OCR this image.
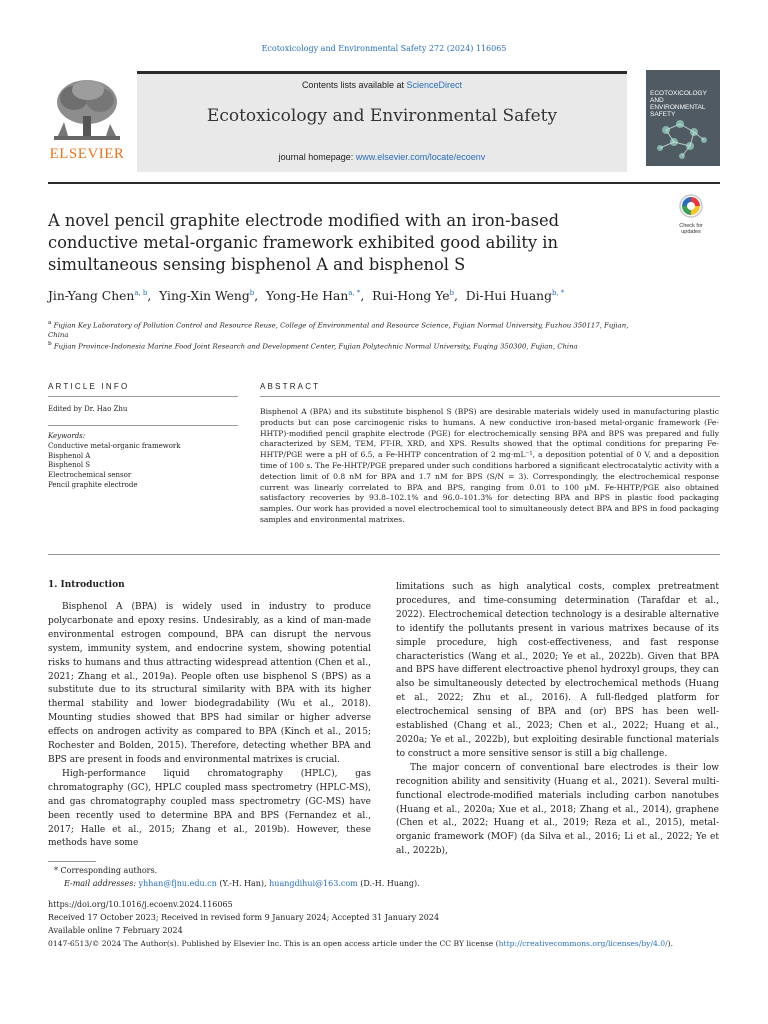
Ecotoxicology and Environmental Safety 272 (2024) 116065
ELSEVIER
Contents lists available at ScienceDirect
Ecotoxicology and Environmental Safety
journal homepage: www.elsevier.com/locate/ecoenv
ECOTOXICOLOGY AND ENVIRONMENTAL SAFETY
A novel pencil graphite electrode modified with an iron-based conductive metal-organic framework exhibited good ability in simultaneous sensing bisphenol A and bisphenol S
Check for updates
Jin-Yang Chen$^{a, b}$,  Ying-Xin Weng$^b$,  Yong-He Han$^{a, *}$,  Rui-Hong Ye$^b$,  Di-Hui Huang$^{b, *}$
$^a$ Fujian Key Laboratory of Pollution Control and Resource Reuse, College of Environmental and Resource Science, Fujian Normal University, Fuzhou 350117, Fujian, China
$^b$ Fujian Province-Indonesia Marine Food Joint Research and Development Center, Fujian Polytechnic Normal University, Fuqing 350300, Fujian, China
ARTICLE INFO
Edited by Dr. Hao Zhu
Keywords:
Conductive metal-organic framework
Bisphenol A
Bisphenol S
Electrochemical sensor
Pencil graphite electrode
ABSTRACT
Bisphenol A (BPA) and its substitute bisphenol S (BPS) are desirable materials widely used in manufacturing plastic products but can pose carcinogenic risks to humans. A new conductive iron-based metal-organic framework (Fe-HHTP)-modified pencil graphite electrode (PGE) for electrochemically sensing BPA and BPS was prepared and fully characterized by SEM, TEM, FT-IR, XRD, and XPS. Results showed that the optimal conditions for preparing Fe-HHTP/PGE were a pH of 6.5, a Fe-HHTP concentration of 2 mg·mL⁻¹, a deposition potential of 0 V, and a deposition time of 100 s. The Fe-HHTP/PGE prepared under such conditions harbored a significant electrocatalytic activity with a detection limit of 0.8 nM for BPA and 1.7 nM for BPS (S/N = 3). Correspondingly, the electrochemical response current was linearly correlated to BPA and BPS, ranging from 0.01 to 100 µM. Fe-HHTP/PGE also obtained satisfactory recoveries by 93.8–102.1% and 96.0–101.3% for detecting BPA and BPS in plastic food packaging samples. Our work has provided a novel electrochemical tool to simultaneously detect BPA and BPS in food packaging samples and environmental matrixes.
1. Introduction

Bisphenol A (BPA) is widely used in industry to produce polycarbonate and epoxy resins. Undesirably, as a kind of man-made environmental estrogen compound, BPA can disrupt the nervous system, immunity system, and endocrine system, showing potential risks to humans and thus attracting widespread attention (Chen et al., 2021; Zhang et al., 2019a). People often use bisphenol S (BPS) as a substitute due to its structural similarity with BPA with its higher thermal stability and lower biodegradability (Wu et al., 2018). Mounting studies showed that BPS had similar or higher adverse effects on androgen activity as compared to BPA (Kinch et al., 2015; Rochester and Bolden, 2015). Therefore, detecting whether BPA and BPS are present in foods and environmental matrixes is crucial.

High-performance liquid chromatography (HPLC), gas chromatography (GC), HPLC coupled mass spectrometry (HPLC-MS), and gas chromatography coupled mass spectrometry (GC-MS) have been recently used to determine BPA and BPS (Fernandez et al., 2017; Halle et al., 2015; Zhang et al., 2019b). However, these methods have some

limitations such as high analytical costs, complex pretreatment procedures, and time-consuming determination (Tarafdar et al., 2022). Electrochemical detection technology is a desirable alternative to identify the pollutants present in various matrixes because of its simple procedure, high cost-effectiveness, and fast response characteristics (Wang et al., 2020; Ye et al., 2022b). Given that BPA and BPS have different electroactive phenol hydroxyl groups, they can also be simultaneously detected by electrochemical methods (Huang et al., 2022; Zhu et al., 2016). A full-fledged platform for electrochemical sensing of BPA and (or) BPS has been well-established (Chang et al., 2023; Chen et al., 2022; Huang et al., 2020a; Ye et al., 2022b), but exploiting desirable functional materials to construct a more sensitive sensor is still a big challenge.

The major concern of conventional bare electrodes is their low recognition ability and sensitivity (Huang et al., 2021). Several multi-functional electrode-modified materials including carbon nanotubes (Huang et al., 2020a; Xue et al., 2018; Zhang et al., 2014), graphene (Chen et al., 2022; Huang et al., 2019; Reza et al., 2015), metal-organic framework (MOF) (da Silva et al., 2016; Li et al., 2022; Ye et al., 2022b),

* Corresponding authors.
E-mail addresses: yhhan@fjnu.edu.cn (Y.-H. Han), huangdihui@163.com (D.-H. Huang).
https://doi.org/10.1016/j.ecoenv.2024.116065
Received 17 October 2023; Received in revised form 9 January 2024; Accepted 31 January 2024
Available online 7 February 2024
0147-6513/© 2024 The Author(s). Published by Elsevier Inc. This is an open access article under the CC BY license (http://creativecommons.org/licenses/by/4.0/).
